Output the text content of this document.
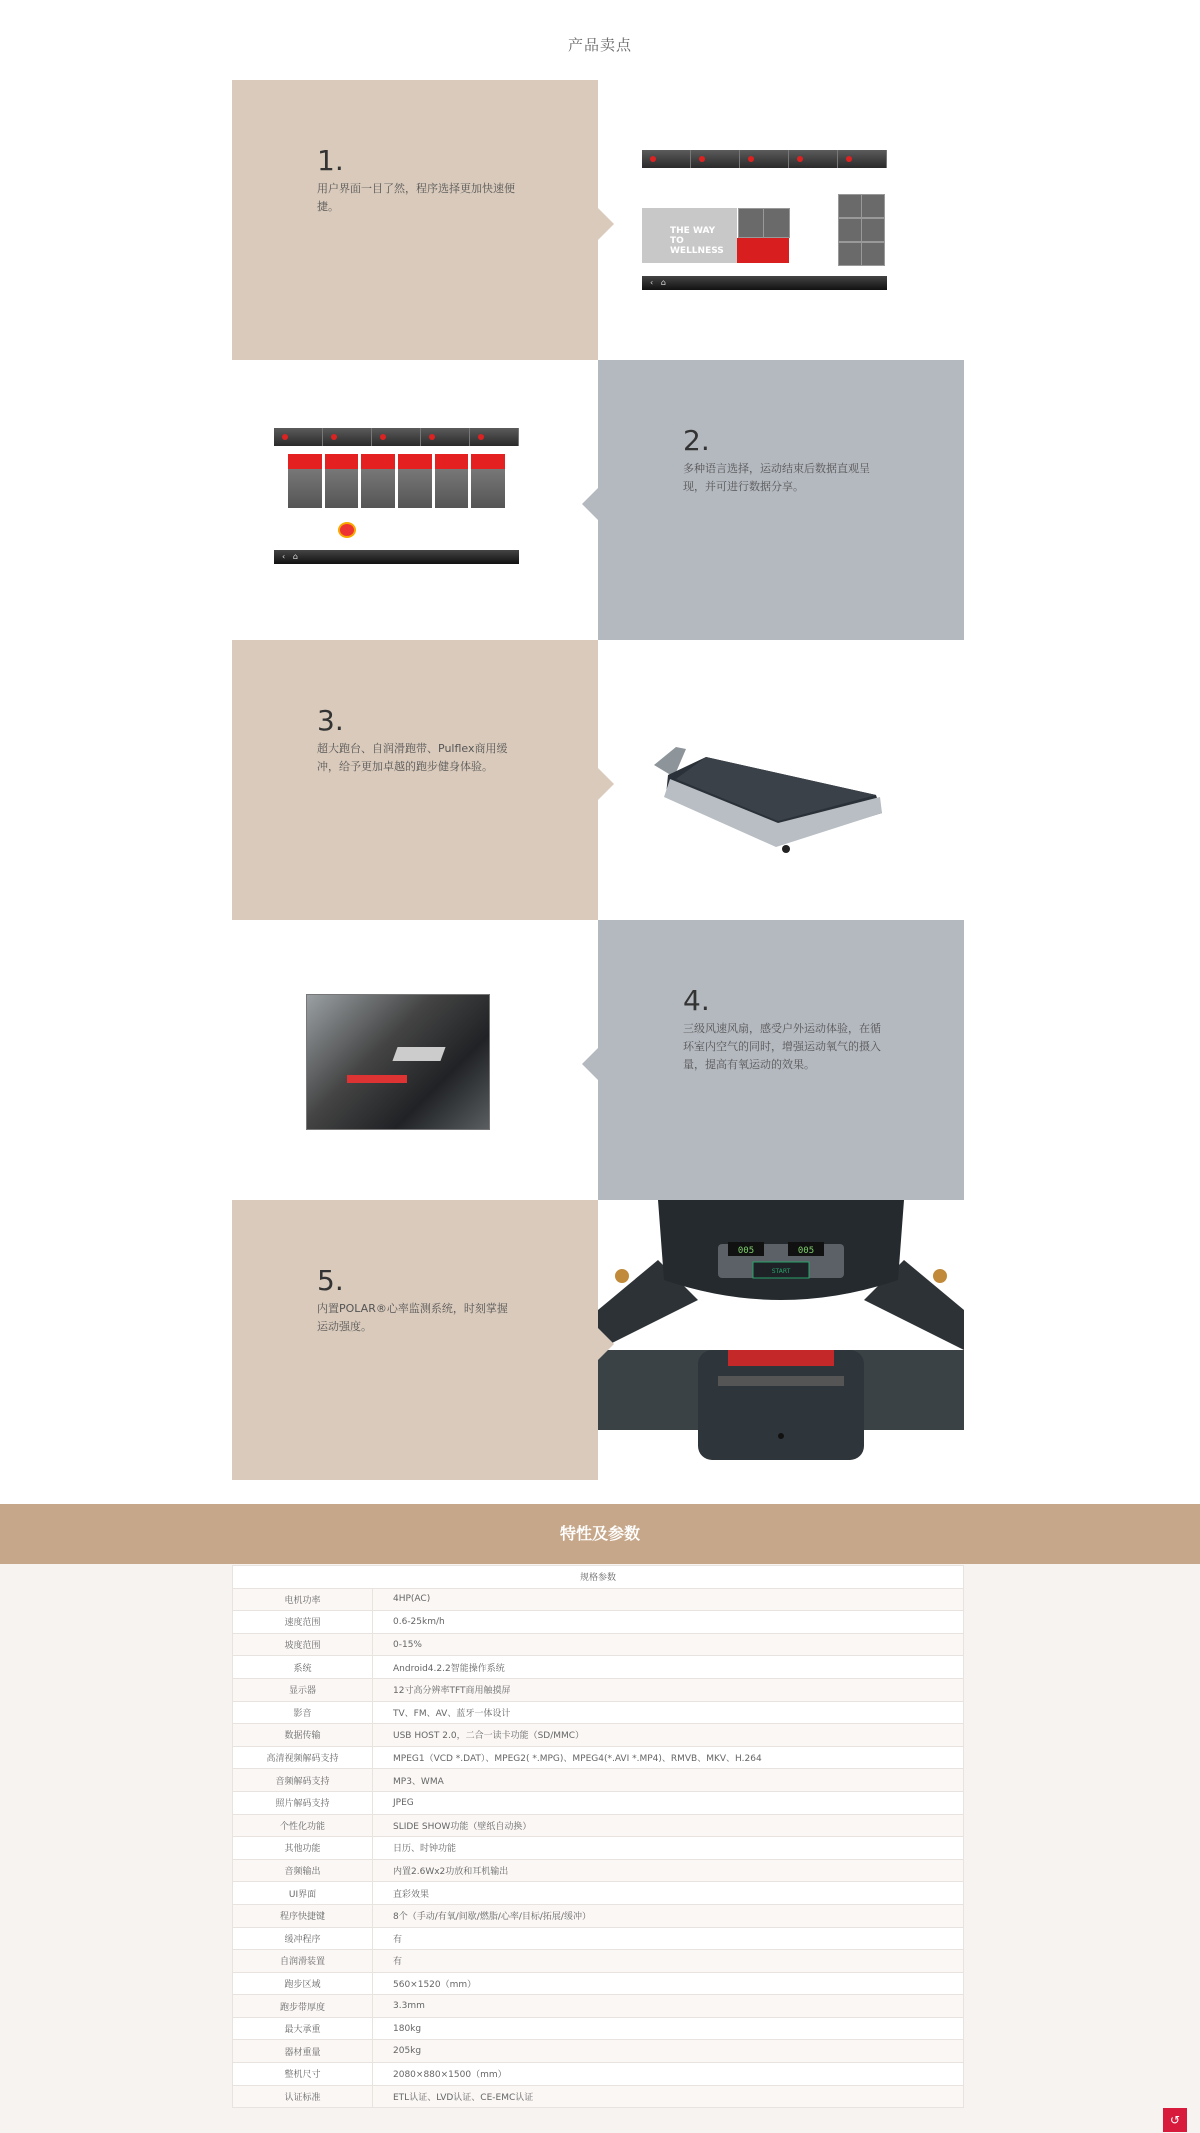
产品卖点
1.
用户界面一目了然，程序选择更加快速便捷。
THE WAY
TO WELLNESS
‹   ⌂
‹   ⌂
2.
多种语言选择，运动结束后数据直观呈现，并可进行数据分享。
3.
超大跑台、自润滑跑带、Pulflex商用缓冲，给予更加卓越的跑步健身体验。
4.
三级风速风扇，感受户外运动体验，在循环室内空气的同时，增强运动氧气的摄入量，提高有氧运动的效果。
5.
内置POLAR®心率监测系统，时刻掌握运动强度。
005	005
START
特性及参数
规格参数	
电机功率	4HP(AC)
速度范围	0.6-25km/h
坡度范围	0-15%
系统	Android4.2.2智能操作系统
显示器	12寸高分辨率TFT商用触摸屏
影音	TV、FM、AV、蓝牙一体设计
数据传输	USB HOST 2.0，二合一读卡功能（SD/MMC）
高清视频解码支持	MPEG1（VCD *.DAT）、MPEG2( *.MPG)、MPEG4(*.AVI *.MP4)、RMVB、MKV、H.264
音频解码支持	MP3、WMA
照片解码支持	JPEG
个性化功能	SLIDE SHOW功能（壁纸自动换）
其他功能	日历、时钟功能
音频输出	内置2.6Wx2功放和耳机输出
UI界面	直彩效果
程序快捷键	8个（手动/有氧/间歇/燃脂/心率/目标/拓展/缓冲）
缓冲程序	有
自润滑装置	有
跑步区域	560×1520（mm）
跑步带厚度	3.3mm
最大承重	180kg
器材重量	205kg
整机尺寸	2080×880×1500（mm）
认证标准	ETL认证、LVD认证、CE-EMC认证
↺
